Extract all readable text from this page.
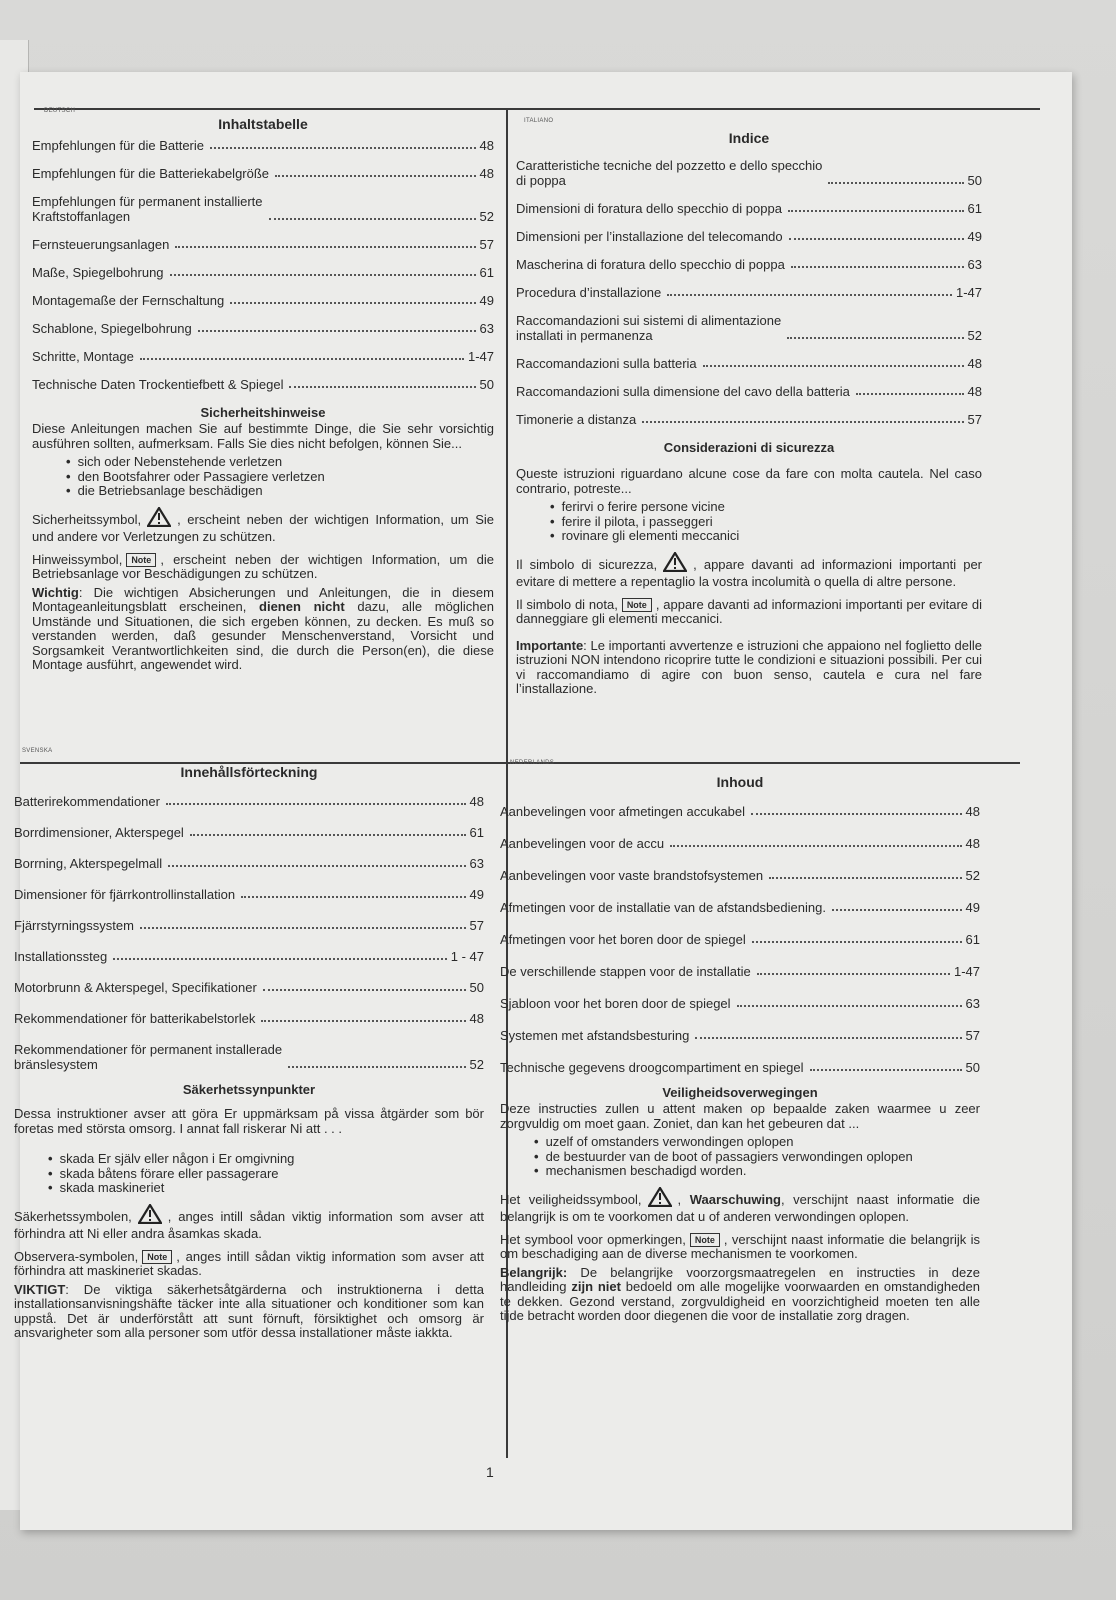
DEUTSCH
ITALIANO
SVENSKA
NEDERLANDS
Inhaltstabelle
Empfehlungen für die Batterie	48
Empfehlungen für die Batteriekabelgröße	48
Empfehlungen für permanent installierte
Kraftstoffanlagen	52
Fernsteuerungsanlagen	57
Maße, Spiegelbohrung	61
Montagemaße der Fernschaltung	49
Schablone, Spiegelbohrung	63
Schritte, Montage	1-47
Technische Daten Trockentiefbett & Spiegel	50
Sicherheitshinweise
Diese Anleitungen machen Sie auf bestimmte Dinge, die Sie sehr vorsichtig ausführen sollten, aufmerksam. Falls Sie dies nicht befolgen, können Sie...
• sich oder Nebenstehende verletzen
• den Bootsfahrer oder Passagiere verletzen
• die Betriebsanlage beschädigen
Sicherheitssymbol,	, erscheint neben der wichtigen Information, um Sie und andere vor Verletzungen zu schützen.
Hinweissymbol, Note , erscheint neben der wichtigen Information, um die Betriebsanlage vor Beschädigungen zu schützen.
Wichtig: Die wichtigen Absicherungen und Anleitungen, die in diesem Montageanleitungsblatt erscheinen, dienen nicht dazu, alle möglichen Umstände und Situationen, die sich ergeben können, zu decken. Es muß so verstanden werden, daß gesunder Menschenverstand, Vorsicht und Sorgsamkeit Verantwortlichkeiten sind, die durch die Person(en), die diese Montage ausführt, angewendet wird.
Indice
Caratteristiche tecniche del pozzetto e dello specchio
di poppa	50
Dimensioni di foratura dello specchio di poppa	61
Dimensioni per l’installazione del telecomando	49
Mascherina di foratura dello specchio di poppa	63
Procedura d’installazione	1-47
Raccomandazioni sui sistemi di alimentazione
installati in permanenza	52
Raccomandazioni sulla batteria	48
Raccomandazioni sulla dimensione del cavo della batteria	48
Timonerie a distanza	57
Considerazioni di sicurezza
Queste istruzioni riguardano alcune cose da fare con molta cautela. Nel caso contrario, potreste...
• ferirvi o ferire persone vicine
• ferire il pilota, i passeggeri
• rovinare gli elementi meccanici
Il simbolo di sicurezza,	, appare davanti ad informazioni importanti per evitare di mettere a repentaglio la vostra incolumità o quella di altre persone.
Il simbolo di nota, Note , appare davanti ad informazioni importanti per evitare di danneggiare gli elementi meccanici.
Importante: Le importanti avvertenze e istruzioni che appaiono nel foglietto delle istruzioni NON intendono ricoprire tutte le condizioni e situazioni possibili. Per cui vi raccomandiamo di agire con buon senso, cautela e cura nel fare l’installazione.
Innehållsförteckning
Batterirekommendationer	48
Borrdimensioner, Akterspegel	61
Borrning, Akterspegelmall	63
Dimensioner för fjärrkontrollinstallation	49
Fjärrstyrningssystem	57
Installationssteg	1 - 47
Motorbrunn & Akterspegel, Specifikationer	50
Rekommendationer för batterikabelstorlek	48
Rekommendationer för permanent installerade
bränslesystem	52
Säkerhetssynpunkter
Dessa instruktioner avser att göra Er uppmärksam på vissa åtgärder som bör foretas med största omsorg. I annat fall riskerar Ni att . . .
• skada Er själv eller någon i Er omgivning
• skada båtens förare eller passagerare
• skada maskineriet
Säkerhetssymbolen,	, anges intill sådan viktig information som avser att förhindra att Ni eller andra åsamkas skada.
Observera-symbolen, Note , anges intill sådan viktig information som avser att förhindra att maskineriet skadas.
VIKTIGT: De viktiga säkerhetsåtgärderna och instruktionerna i detta installationsanvisningshäfte täcker inte alla situationer och konditioner som kan uppstå. Det är underförstått att sunt förnuft, försiktighet och omsorg är ansvarigheter som alla personer som utför dessa installationer måste iakkta.
Inhoud
Aanbevelingen voor afmetingen accukabel	48
Aanbevelingen voor de accu	48
Aanbevelingen voor vaste brandstofsystemen	52
Afmetingen voor de installatie van de afstandsbediening.	49
Afmetingen voor het boren door de spiegel	61
De verschillende stappen voor de installatie	1-47
Sjabloon voor het boren door de spiegel	63
Systemen met afstandsbesturing	57
Technische gegevens droogcompartiment en spiegel	50
Veiligheidsoverwegingen
Deze instructies zullen u attent maken op bepaalde zaken waarmee u zeer zorgvuldig om moet gaan. Zoniet, dan kan het gebeuren dat ...
• uzelf of omstanders verwondingen oplopen
• de bestuurder van de boot of passagiers verwondingen oplopen
• mechanismen beschadigd worden.
Het veiligheidssymbool,	, Waarschuwing, verschijnt naast informatie die belangrijk is om te voorkomen dat u of anderen verwondingen oplopen.
Het symbool voor opmerkingen, Note , verschijnt naast informatie die belangrijk is om beschadiging aan de diverse mechanismen te voorkomen.
Belangrijk: De belangrijke voorzorgsmaatregelen en instructies in deze handleiding zijn niet bedoeld om alle mogelijke voorwaarden en omstandigheden te dekken. Gezond verstand, zorgvuldigheid en voorzichtigheid moeten ten alle tijde betracht worden door diegenen die voor de installatie zorg dragen.
1
